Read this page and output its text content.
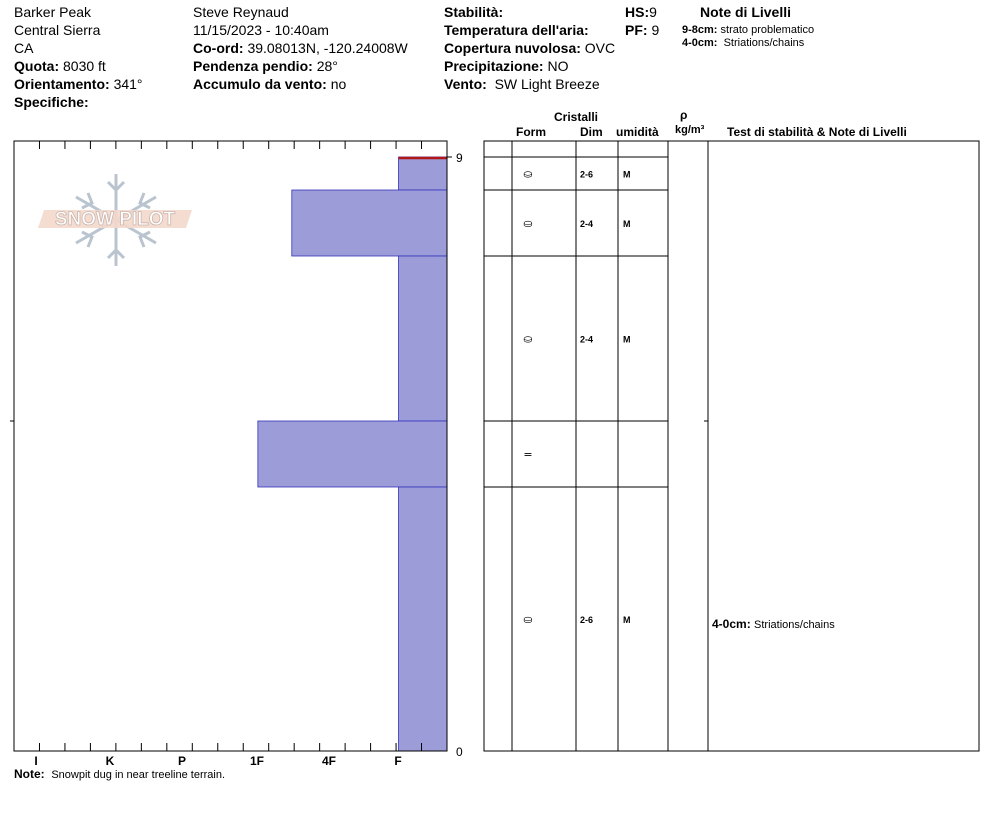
Barker Peak
Central Sierra
CA
Quota: 8030 ft
Orientamento: 341°
Specifiche:
Steve Reynaud
11/15/2023 - 10:40am
Co-ord: 39.08013N, -120.24008W
Pendenza pendio: 28°
Accumulo da vento: no
Stabilità:
Temperatura dell'aria:
Copertura nuvolosa: OVC
Precipitazione: NO
Vento: SW Light Breeze
HS:9
PF: 9
Note di Livelli
9-8cm: strato problematico
4-0cm: Striations/chains
Cristalli
Form	Dim umidità
ρ
kg/m³ Test di stabilità & Note di Livelli
SNOW PILOT
9
0
I	K	P	1F	4F	F
⛀	2-6	M
⛀	2-4	M
⛀	2-4	M
=
⛀	2-6	M	4-0cm: Striations/chains
Note: Snowpit dug in near treeline terrain.
